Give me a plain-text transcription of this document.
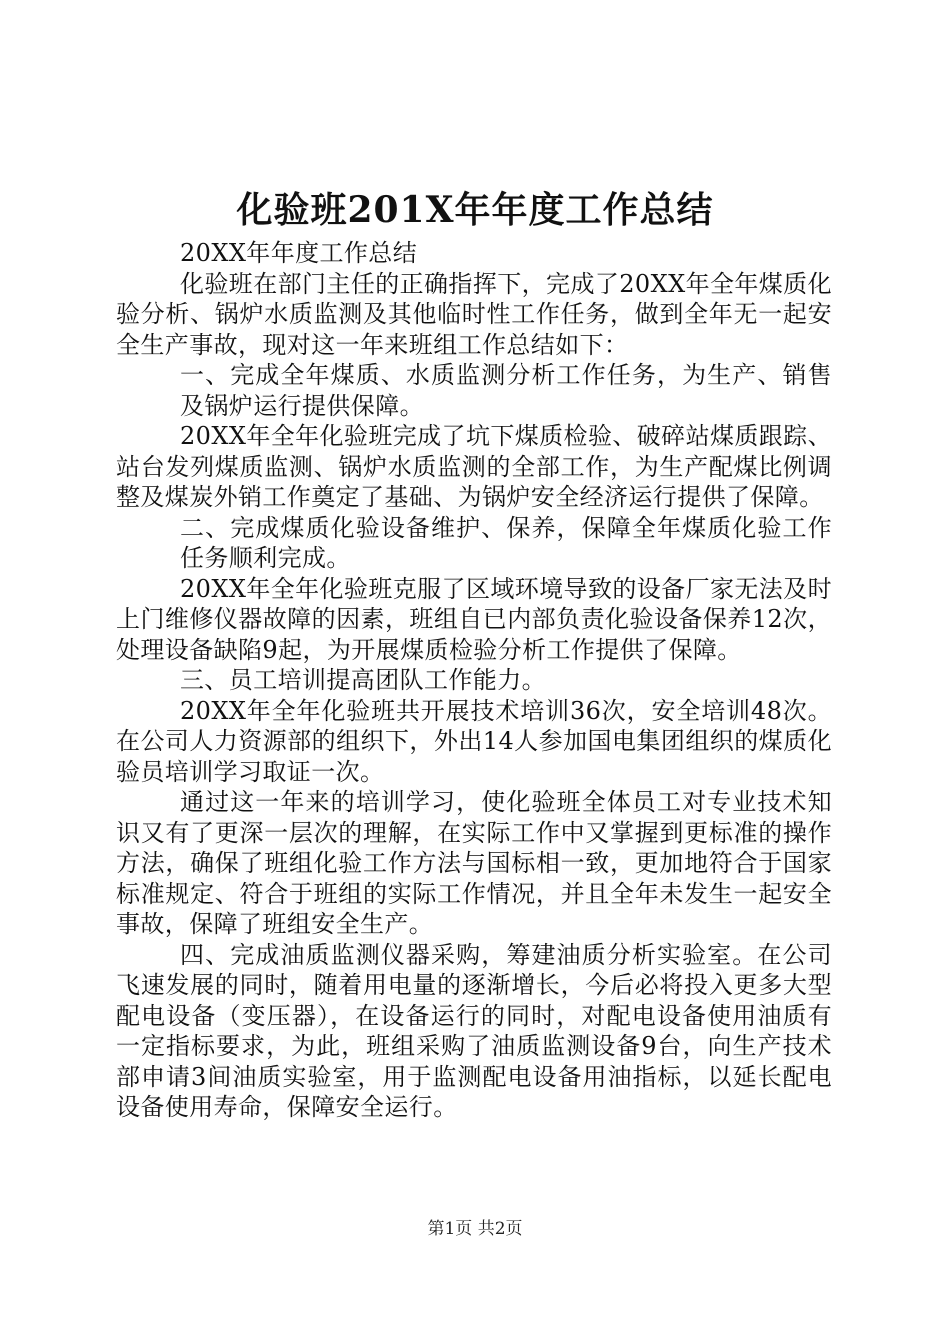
化验班201X年年度工作总结

20XX年年度工作总结

化验班在部门主任的正确指挥下，完成了20XX年全年煤质化验分析、锅炉水质监测及其他临时性工作任务，做到全年无一起安全生产事故，现对这一年来班组工作总结如下：

一、完成全年煤质、水质监测分析工作任务，为生产、销售及锅炉运行提供保障。

20XX年全年化验班完成了坑下煤质检验、破碎站煤质跟踪、站台发列煤质监测、锅炉水质监测的全部工作，为生产配煤比例调整及煤炭外销工作奠定了基础、为锅炉安全经济运行提供了保障。

二、完成煤质化验设备维护、保养，保障全年煤质化验工作任务顺利完成。

20XX年全年化验班克服了区域环境导致的设备厂家无法及时上门维修仪器故障的因素，班组自已内部负责化验设备保养12次，处理设备缺陷9起，为开展煤质检验分析工作提供了保障。

三、员工培训提高团队工作能力。

20XX年全年化验班共开展技术培训36次，安全培训48次。在公司人力资源部的组织下，外出14人参加国电集团组织的煤质化验员培训学习取证一次。

通过这一年来的培训学习，使化验班全体员工对专业技术知识又有了更深一层次的理解，在实际工作中又掌握到更标准的操作方法，确保了班组化验工作方法与国标相一致，更加地符合于国家标准规定、符合于班组的实际工作情况，并且全年未发生一起安全事故，保障了班组安全生产。

四、完成油质监测仪器采购，筹建油质分析实验室。在公司飞速发展的同时，随着用电量的逐渐增长，今后必将投入更多大型配电设备（变压器），在设备运行的同时，对配电设备使用油质有一定指标要求，为此，班组采购了油质监测设备9台，向生产技术部申请3间油质实验室，用于监测配电设备用油指标，以延长配电设备使用寿命，保障安全运行。

第1页 共2页
